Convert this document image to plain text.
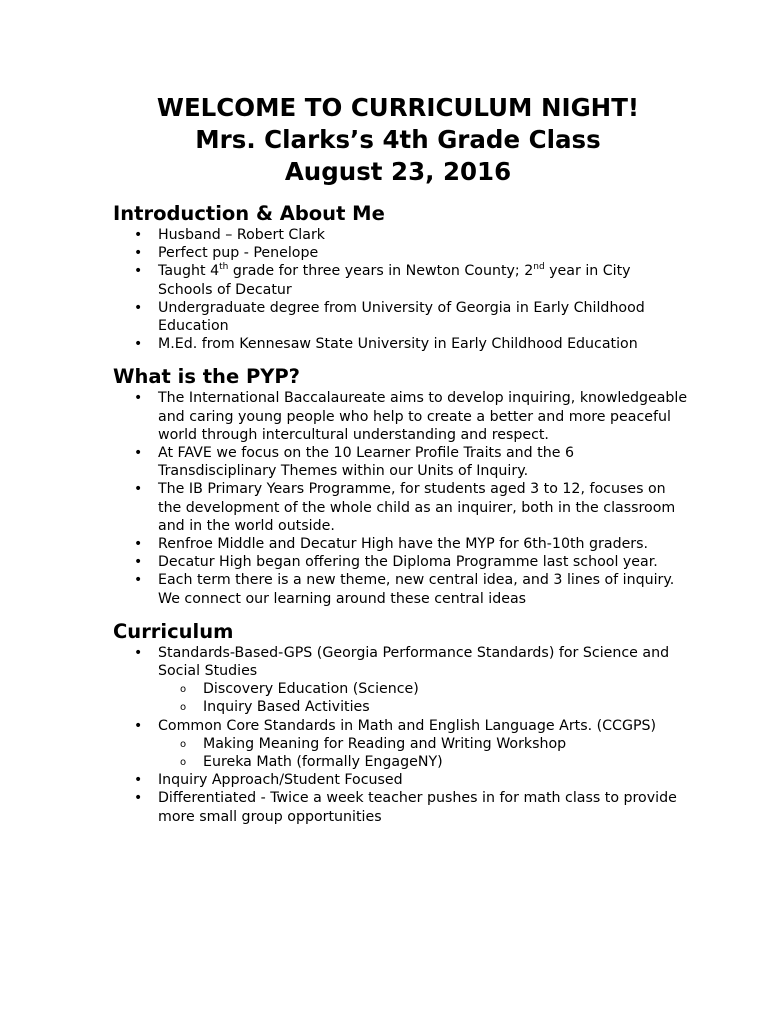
WELCOME TO CURRICULUM NIGHT!
Mrs. Clarks’s 4th Grade Class
August 23, 2016
Introduction & About Me
• Husband – Robert Clark
• Perfect pup - Penelope
• Taught 4th grade for three years in Newton County; 2nd year in City Schools of Decatur
• Undergraduate degree from University of Georgia in Early Childhood Education
• M.Ed. from Kennesaw State University in Early Childhood Education
What is the PYP?
• The International Baccalaureate aims to develop inquiring, knowledgeable and caring young people who help to create a better and more peaceful world through intercultural understanding and respect.
• At FAVE we focus on the 10 Learner Profile Traits and the 6 Transdisciplinary Themes within our Units of Inquiry.
• The IB Primary Years Programme, for students aged 3 to 12, focuses on the development of the whole child as an inquirer, both in the classroom and in the world outside.
• Renfroe Middle and Decatur High have the MYP for 6th-10th graders.
• Decatur High began offering the Diploma Programme last school year.
• Each term there is a new theme, new central idea, and 3 lines of inquiry. We connect our learning around these central ideas
Curriculum
• Standards-Based-GPS (Georgia Performance Standards) for Science and Social Studies
o Discovery Education (Science)
o Inquiry Based Activities
• Common Core Standards in Math and English Language Arts. (CCGPS)
o Making Meaning for Reading and Writing Workshop
o Eureka Math (formally EngageNY)
• Inquiry Approach/Student Focused
• Differentiated - Twice a week teacher pushes in for math class to provide more small group opportunities
